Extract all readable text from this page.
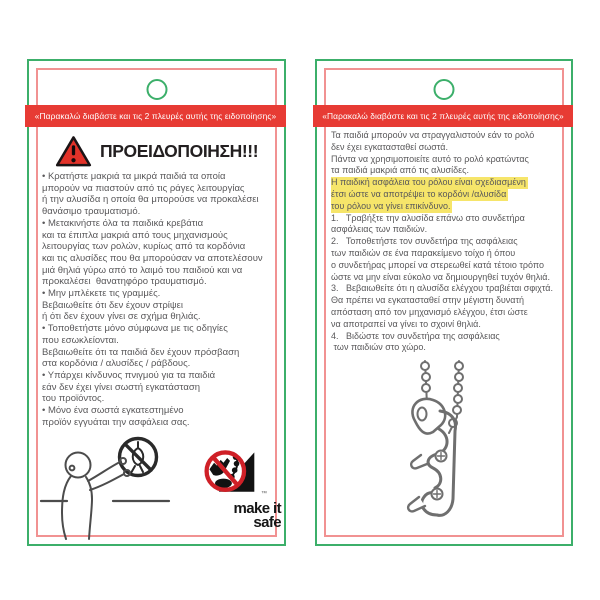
«Παρακαλώ διαβάστε και τις 2 πλευρές αυτής της ειδοποίησης»
ΠΡΟΕΙΔΟΠΟΙΗΣΗ!!!
• Κρατήστε μακριά τα μικρά παιδιά τα οποία
μπορούν να πιαστούν από τις ράγες λειτουργίας
ή την αλυσίδα η οποία θα μπορούσε να προκαλέσει
θανάσιμο τραυματισμό.
• Μετακινήστε όλα τα παιδικά κρεβάτια
και τα έπιπλα μακριά από τους μηχανισμούς
λειτουργίας των ρολών, κυρίως από τα κορδόνια
και τις αλυσίδες που θα μπορούσαν να αποτελέσουν
μιά θηλιά γύρω από το λαιμό του παιδιού και να
προκαλέσει  θανατηφόρο τραυματισμό.
• Μην μπλέκετε τις γραμμές.
Βεβαιωθείτε ότι δεν έχουν στρίψει
ή ότι δεν έχουν γίνει σε σχήμα θηλιάς.
• Τοποθετήστε μόνο σύμφωνα με τις οδηγίες
που εσωκλείονται.
Βεβαιωθείτε ότι τα παιδιά δεν έχουν πρόσβαση
στα κορδόνια / αλυσίδες / ράβδους.
• Υπάρχει κίνδυνος πνιγμού για τα παιδιά
εάν δεν έχει γίνει σωστή εγκατάσταση
του προϊόντος.
• Μόνο ένα σωστά εγκατεστημένο
προϊόν εγγυάται την ασφάλεια σας.
™
make it
safe
«Παρακαλώ διαβάστε και τις 2 πλευρές αυτής της ειδοποίησης»
Τα παιδιά μπορούν να στραγγαλιστούν εάν το ρολό
δεν έχει εγκατασταθεί σωστά.
Πάντα να χρησιμοποιείτε αυτό το ρολό κρατώντας
τα παιδιά μακριά από τις αλυσίδες.
Η παιδική ασφάλεια του ρόλου είναι σχεδιασμένη
έτσι ώστε να αποτρέψει το κορδόνι /αλυσίδα
του ρόλου να γίνει επικίνδυνο.
1.   Τραβήξτε την αλυσίδα επάνω στο συνδετήρα
ασφάλειας των παιδιών.
2.   Τοποθετήστε τον συνδετήρα της ασφάλειας
των παιδιών σε ένα παρακείμενο τοίχο ή όπου
ο συνδετήρας μπορεί να στερεωθεί κατά τέτοιο τρόπο
ώστε να μην είναι εύκολο να δημιουργηθεί τυχόν θηλιά.
3.   Βεβαιωθείτε ότι η αλυσίδα ελέγχου τραβιέται σφιχτά.
Θα πρέπει να εγκατασταθεί στην μέγιστη δυνατή
απόσταση από τον μηχανισμό ελέγχου, έτσι ώστε
να αποτραπεί να γίνει το σχοινί θηλιά.
4.   Βιδώστε τον συνδετήρα της ασφάλειας
των παιδιών στο χώρο.
